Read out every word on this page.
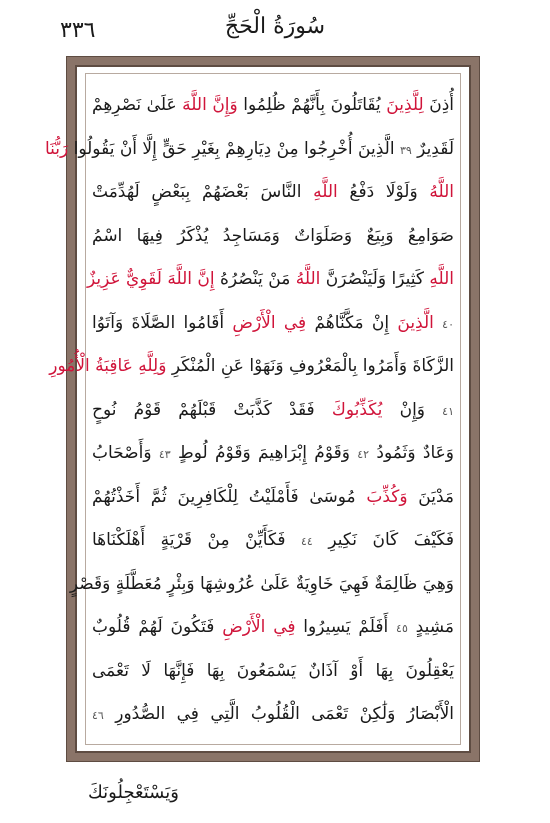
٣٣٦	سُورَةُ الْحَجِّ
أُذِنَ لِلَّذِينَ يُقَاتَلُونَ بِأَنَّهُمْ ظُلِمُوا وَإِنَّ اللَّهَ عَلَىٰ نَصْرِهِمْ
لَقَدِيرٌ ٣٩ الَّذِينَ أُخْرِجُوا مِنْ دِيَارِهِمْ بِغَيْرِ حَقٍّ إِلَّا أَنْ يَقُولُوا رَبُّنَا
اللَّهُ وَلَوْلَا دَفْعُ اللَّهِ النَّاسَ بَعْضَهُمْ بِبَعْضٍ لَهُدِّمَتْ
صَوَامِعُ وَبِيَعٌ وَصَلَوَاتٌ وَمَسَاجِدُ يُذْكَرُ فِيهَا اسْمُ
اللَّهِ كَثِيرًا وَلَيَنْصُرَنَّ اللَّهُ مَنْ يَنْصُرُهُ إِنَّ اللَّهَ لَقَوِيٌّ عَزِيزٌ
٤٠ الَّذِينَ إِنْ مَكَّنَّاهُمْ فِي الْأَرْضِ أَقَامُوا الصَّلَاةَ وَآتَوُا
الزَّكَاةَ وَأَمَرُوا بِالْمَعْرُوفِ وَنَهَوْا عَنِ الْمُنْكَرِ وَلِلَّهِ عَاقِبَةُ الْأُمُورِ
٤١ وَإِنْ يُكَذِّبُوكَ فَقَدْ كَذَّبَتْ قَبْلَهُمْ قَوْمُ نُوحٍ
وَعَادٌ وَثَمُودُ ٤٢ وَقَوْمُ إِبْرَاهِيمَ وَقَوْمُ لُوطٍ ٤٣ وَأَصْحَابُ
مَدْيَنَ وَكُذِّبَ مُوسَىٰ فَأَمْلَيْتُ لِلْكَافِرِينَ ثُمَّ أَخَذْتُهُمْ
فَكَيْفَ كَانَ نَكِيرِ ٤٤ فَكَأَيِّنْ مِنْ قَرْيَةٍ أَهْلَكْنَاهَا
وَهِيَ ظَالِمَةٌ فَهِيَ خَاوِيَةٌ عَلَىٰ عُرُوشِهَا وَبِئْرٍ مُعَطَّلَةٍ وَقَصْرٍ
مَشِيدٍ ٤٥ أَفَلَمْ يَسِيرُوا فِي الْأَرْضِ فَتَكُونَ لَهُمْ قُلُوبٌ
يَعْقِلُونَ بِهَا أَوْ آذَانٌ يَسْمَعُونَ بِهَا فَإِنَّهَا لَا تَعْمَى
الْأَبْصَارُ وَلَٰكِنْ تَعْمَى الْقُلُوبُ الَّتِي فِي الصُّدُورِ ٤٦
وَيَسْتَعْجِلُونَكَ
